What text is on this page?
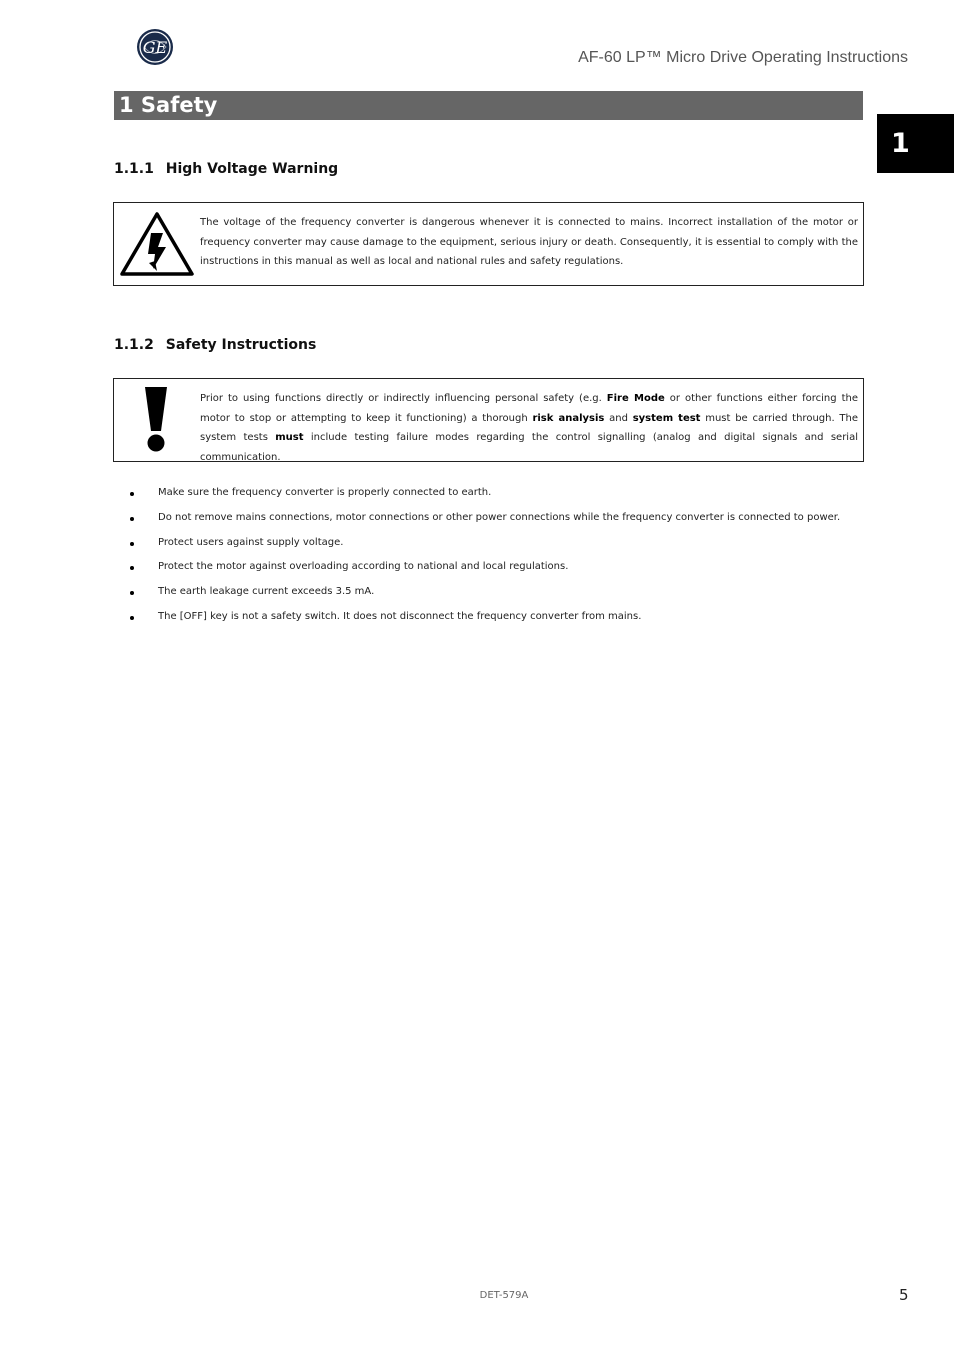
GE
AF-60 LP™ Micro Drive Operating Instructions
1 Safety
1
1.1.1 High Voltage Warning
The voltage of the frequency converter is dangerous whenever it is connected to mains. Incorrect installation of the motor or frequency converter may cause damage to the equipment, serious injury or death. Consequently, it is essential to comply with the instructions in this manual as well as local and national rules and safety regulations.
1.1.2 Safety Instructions
Prior to using functions directly or indirectly influencing personal safety (e.g. Fire Mode or other functions either forcing the motor to stop or attempting to keep it functioning) a thorough risk analysis and system test must be carried through. The system tests must include testing failure modes regarding the control signalling (analog and digital signals and serial communication.
Make sure the frequency converter is properly connected to earth.
Do not remove mains connections, motor connections or other power connections while the frequency converter is connected to power.
Protect users against supply voltage.
Protect the motor against overloading according to national and local regulations.
The earth leakage current exceeds 3.5 mA.
The [OFF] key is not a safety switch. It does not disconnect the frequency converter from mains.
DET-579A	5
